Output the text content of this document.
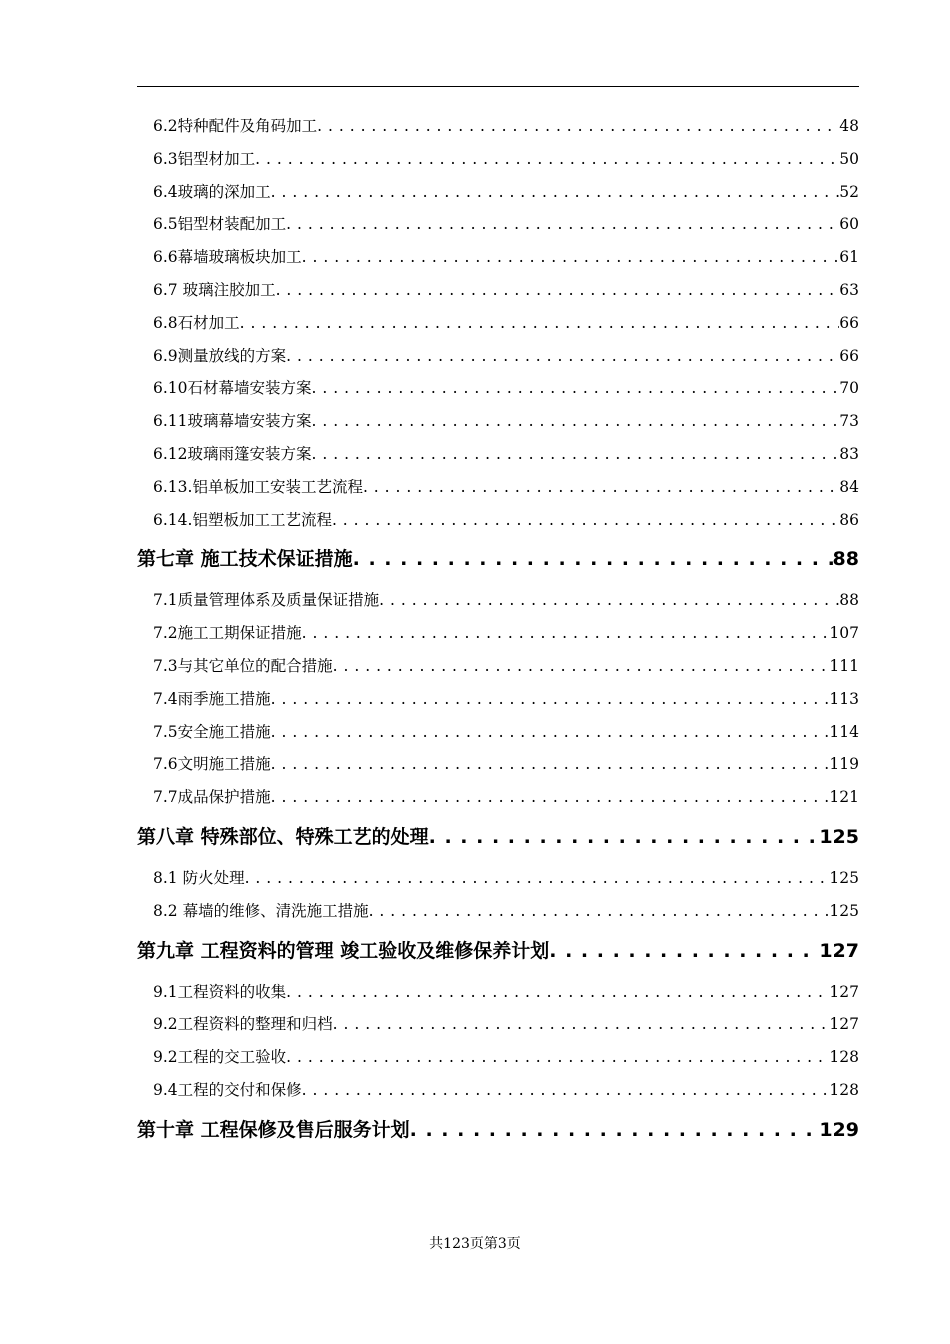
6.2特种配件及角码加工 . . .	48
6.3铝型材加工 . . .	50
6.4玻璃的深加工 . . .	52
6.5铝型材装配加工 . . .	60
6.6幕墙玻璃板块加工 . . .	61
6.7 玻璃注胶加工 . . .	63
6.8石材加工 . . .	66
6.9测量放线的方案 . . .	66
6.10石材幕墙安装方案 . . .	70
6.11玻璃幕墙安装方案 . . .	73
6.12玻璃雨篷安装方案 . . .	83
6.13.铝单板加工安装工艺流程 . . .	84
6.14.铝塑板加工工艺流程 . . .	86
第七章 施工技术保证措施 . . .	88
7.1质量管理体系及质量保证措施 . . .	88
7.2施工工期保证措施 . . .	107
7.3与其它单位的配合措施 . . .	111
7.4雨季施工措施 . . .	113
7.5安全施工措施 . . .	114
7.6文明施工措施 . . .	119
7.7成品保护措施 . . .	121
第八章 特殊部位、特殊工艺的处理 . . .	125
8.1 防火处理 . . .	125
8.2 幕墙的维修、清洗施工措施 . . .	125
第九章 工程资料的管理 竣工验收及维修保养计划 . . .	127
9.1工程资料的收集 . . .	127
9.2工程资料的整理和归档 . . .	127
9.2工程的交工验收 . . .	128
9.4工程的交付和保修 . . .	128
第十章 工程保修及售后服务计划 . . .	129
共123页第3页
